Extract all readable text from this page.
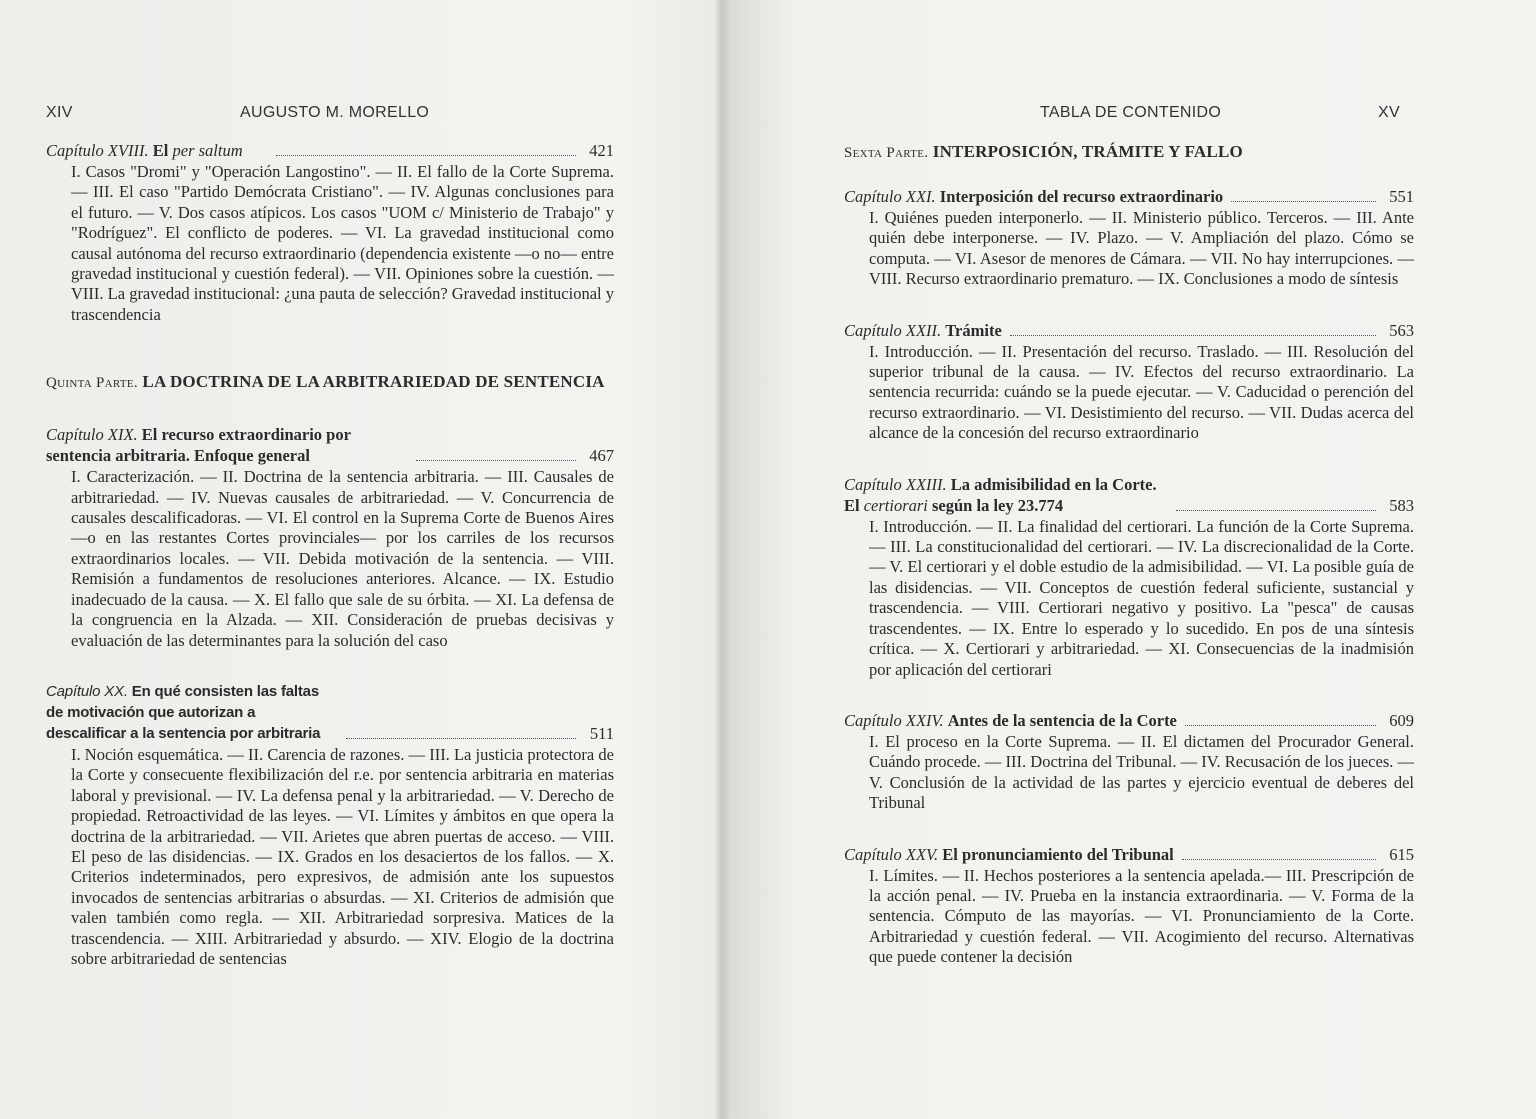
XIV	AUGUSTO M. MORELLO
Capítulo XVIII. El per saltum	421
I. Casos "Dromi" y "Operación Langostino". — II. El fallo de la Corte Suprema. — III. El caso "Partido Demócrata Cristiano". — IV. Algunas conclusiones para el futuro. — V. Dos casos atípicos. Los casos "UOM c/ Ministerio de Trabajo" y "Rodríguez". El conflicto de poderes. — VI. La gravedad institucional como causal autónoma del recurso extraordinario (dependencia existente —o no— entre gravedad institucional y cuestión federal). — VII. Opiniones sobre la cuestión. — VIII. La gravedad institucional: ¿una pauta de selección? Gravedad institucional y trascendencia
Quinta Parte. LA DOCTRINA DE LA ARBITRARIEDAD DE SENTENCIA
Capítulo XIX. El recurso extraordinario por sentencia arbitraria. Enfoque general	467
I. Caracterización. — II. Doctrina de la sentencia arbitraria. — III. Causales de arbitrariedad. — IV. Nuevas causales de arbitrariedad. — V. Concurrencia de causales descalificadoras. — VI. El control en la Suprema Corte de Buenos Aires —o en las restantes Cortes provinciales— por los carriles de los recursos extraordinarios locales. — VII. Debida motivación de la sentencia. — VIII. Remisión a fundamentos de resoluciones anteriores. Alcance. — IX. Estudio inadecuado de la causa. — X. El fallo que sale de su órbita. — XI. La defensa de la congruencia en la Alzada. — XII. Consideración de pruebas decisivas y evaluación de las determinantes para la solución del caso
Capítulo XX. En qué consisten las faltas de motivación que autorizan a descalificar a la sentencia por arbitraria	511
I. Noción esquemática. — II. Carencia de razones. — III. La justicia protectora de la Corte y consecuente flexibilización del r.e. por sentencia arbitraria en materias laboral y previsional. — IV. La defensa penal y la arbitrariedad. — V. Derecho de propiedad. Retroactividad de las leyes. — VI. Límites y ámbitos en que opera la doctrina de la arbitrariedad. — VII. Arietes que abren puertas de acceso. — VIII. El peso de las disidencias. — IX. Grados en los desaciertos de los fallos. — X. Criterios indeterminados, pero expresivos, de admisión ante los supuestos invocados de sentencias arbitrarias o absurdas. — XI. Criterios de admisión que valen también como regla. — XII. Arbitrariedad sorpresiva. Matices de la trascendencia. — XIII. Arbitrariedad y absurdo. — XIV. Elogio de la doctrina sobre arbitrariedad de sentencias
TABLA DE CONTENIDO	XV
Sexta Parte. INTERPOSICIÓN, TRÁMITE Y FALLO
Capítulo XXI. Interposición del recurso extraordinario	551
I. Quiénes pueden interponerlo. — II. Ministerio público. Terceros. — III. Ante quién debe interponerse. — IV. Plazo. — V. Ampliación del plazo. Cómo se computa. — VI. Asesor de menores de Cámara. — VII. No hay interrupciones. — VIII. Recurso extraordinario prematuro. — IX. Conclusiones a modo de síntesis
Capítulo XXII. Trámite	563
I. Introducción. — II. Presentación del recurso. Traslado. — III. Resolución del superior tribunal de la causa. — IV. Efectos del recurso extraordinario. La sentencia recurrida: cuándo se la puede ejecutar. — V. Caducidad o perención del recurso extraordinario. — VI. Desistimiento del recurso. — VII. Dudas acerca del alcance de la concesión del recurso extraordinario
Capítulo XXIII. La admisibilidad en la Corte. El certiorari según la ley 23.774	583
I. Introducción. — II. La finalidad del certiorari. La función de la Corte Suprema. — III. La constitucionalidad del certiorari. — IV. La discrecionalidad de la Corte. — V. El certiorari y el doble estudio de la admisibilidad. — VI. La posible guía de las disidencias. — VII. Conceptos de cuestión federal suficiente, sustancial y trascendencia. — VIII. Certiorari negativo y positivo. La "pesca" de causas trascendentes. — IX. Entre lo esperado y lo sucedido. En pos de una síntesis crítica. — X. Certiorari y arbitrariedad. — XI. Consecuencias de la inadmisión por aplicación del certiorari
Capítulo XXIV. Antes de la sentencia de la Corte	609
I. El proceso en la Corte Suprema. — II. El dictamen del Procurador General. Cuándo procede. — III. Doctrina del Tribunal. — IV. Recusación de los jueces. — V. Conclusión de la actividad de las partes y ejercicio eventual de deberes del Tribunal
Capítulo XXV. El pronunciamiento del Tribunal	615
I. Límites. — II. Hechos posteriores a la sentencia apelada.— III. Prescripción de la acción penal. — IV. Prueba en la instancia extraordinaria. — V. Forma de la sentencia. Cómputo de las mayorías. — VI. Pronunciamiento de la Corte. Arbitrariedad y cuestión federal. — VII. Acogimiento del recurso. Alternativas que puede contener la decisión
